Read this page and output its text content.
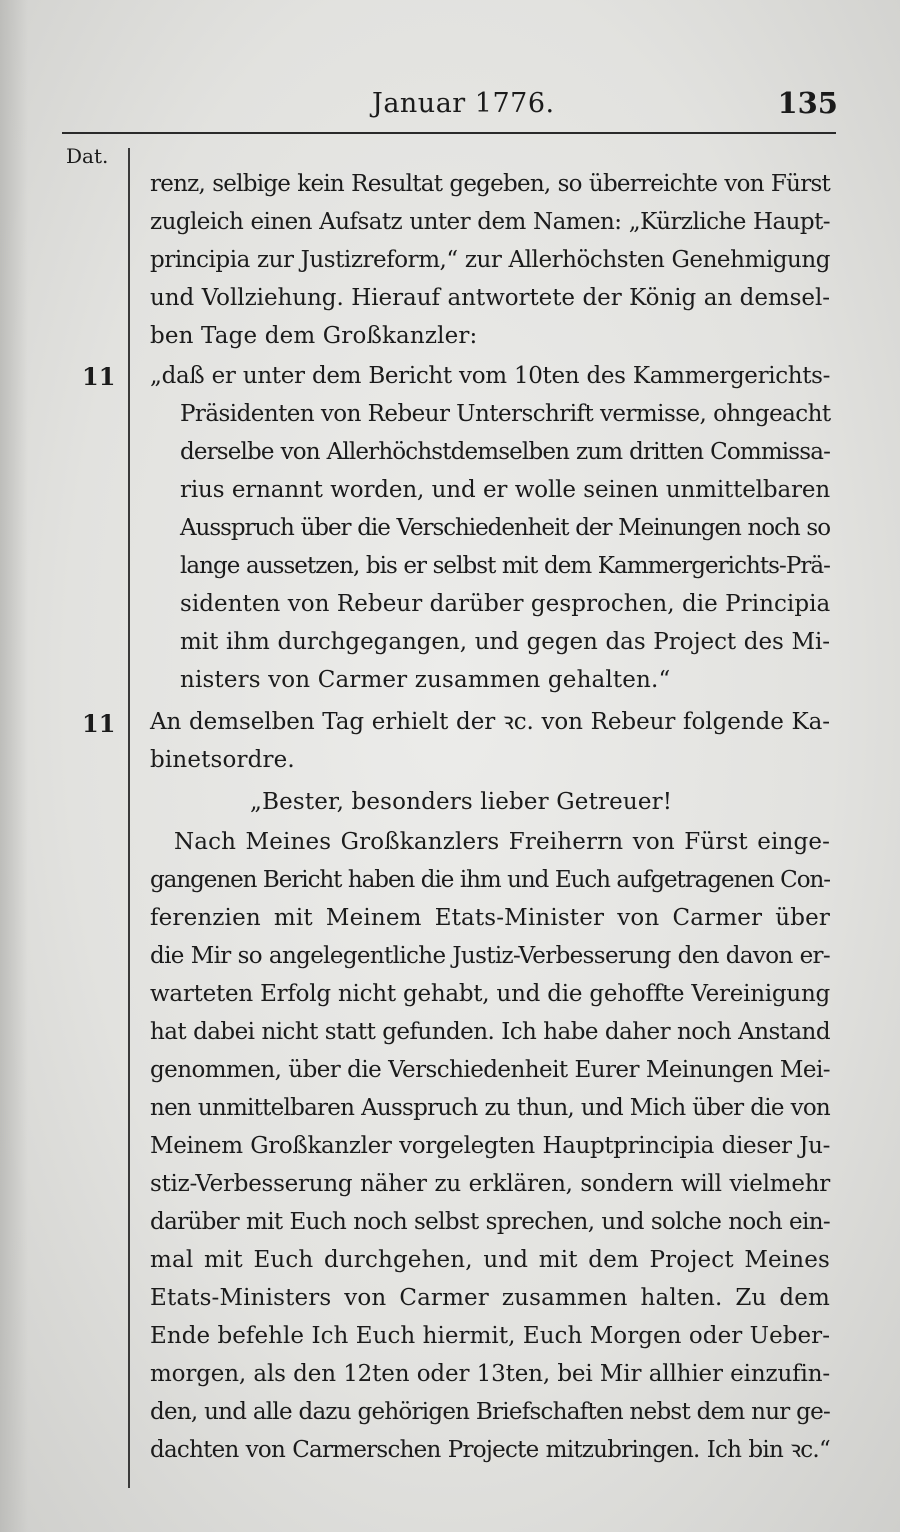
Januar 1776.	135
Dat.
11
11
renz, selbige kein Resultat gegeben, so überreichte von Fürst
zugleich einen Aufsatz unter dem Namen: „Kürzliche Haupt-
principia zur Justizreform,“ zur Allerhöchsten Genehmigung
und Vollziehung. Hierauf antwortete der König an demsel-
ben Tage dem Großkanzler:
„daß er unter dem Bericht vom 10ten des Kammergerichts-
Präsidenten von Rebeur Unterschrift vermisse, ohngeacht
derselbe von Allerhöchstdemselben zum dritten Commissa-
rius ernannt worden, und er wolle seinen unmittelbaren
Ausspruch über die Verschiedenheit der Meinungen noch so
lange aussetzen, bis er selbst mit dem Kammergerichts-Prä-
sidenten von Rebeur darüber gesprochen, die Principia
mit ihm durchgegangen, und gegen das Project des Mi-
nisters von Carmer zusammen gehalten.“
An demselben Tag erhielt der ꝛc. von Rebeur folgende Ka-
binetsordre.
„Bester, besonders lieber Getreuer!
Nach Meines Großkanzlers Freiherrn von Fürst einge-
gangenen Bericht haben die ihm und Euch aufgetragenen Con-
ferenzien mit Meinem Etats-Minister von Carmer über
die Mir so angelegentliche Justiz-Verbesserung den davon er-
warteten Erfolg nicht gehabt, und die gehoffte Vereinigung
hat dabei nicht statt gefunden. Ich habe daher noch Anstand
genommen, über die Verschiedenheit Eurer Meinungen Mei-
nen unmittelbaren Ausspruch zu thun, und Mich über die von
Meinem Großkanzler vorgelegten Hauptprincipia dieser Ju-
stiz-Verbesserung näher zu erklären, sondern will vielmehr
darüber mit Euch noch selbst sprechen, und solche noch ein-
mal mit Euch durchgehen, und mit dem Project Meines
Etats-Ministers von Carmer zusammen halten. Zu dem
Ende befehle Ich Euch hiermit, Euch Morgen oder Ueber-
morgen, als den 12ten oder 13ten, bei Mir allhier einzufin-
den, und alle dazu gehörigen Briefschaften nebst dem nur ge-
dachten von Carmerschen Projecte mitzubringen. Ich bin ꝛc.“
